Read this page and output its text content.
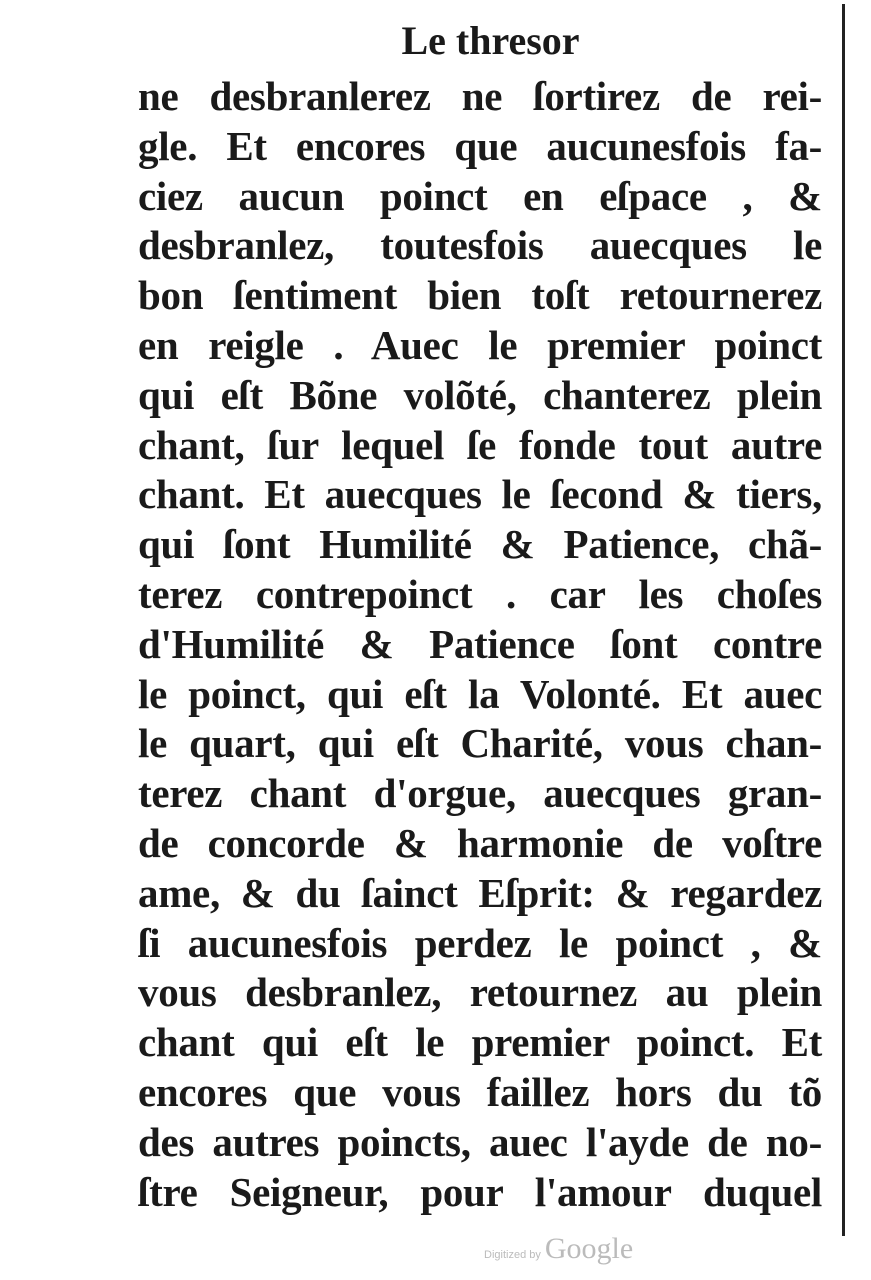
Le thresor
ne desbranlerez ne ſortirez de rei-
gle. Et encores que aucunesfois fa-
ciez aucun poinct en eſpace , &
desbranlez, toutesfois auecques le
bon ſentiment bien toſt retournerez
en reigle . Auec le premier poinct
qui eſt Bõne volõté, chanterez plein
chant, ſur lequel ſe fonde tout autre
chant. Et auecques le ſecond & tiers,
qui ſont Humilité & Patience, chã-
terez contrepoinct . car les choſes
d'Humilité & Patience ſont contre
le poinct, qui eſt la Volonté. Et auec
le quart, qui eſt Charité, vous chan-
terez chant d'orgue, auecques gran-
de concorde & harmonie de voſtre
ame, & du ſainct Eſprit: & regardez
ſi aucunesfois perdez le poinct , &
vous desbranlez, retournez au plein
chant qui eſt le premier poinct. Et
encores que vous faillez hors du tõ
des autres poincts, auec l'ayde de no-
ſtre Seigneur, pour l'amour duquel
Digitized by Google
